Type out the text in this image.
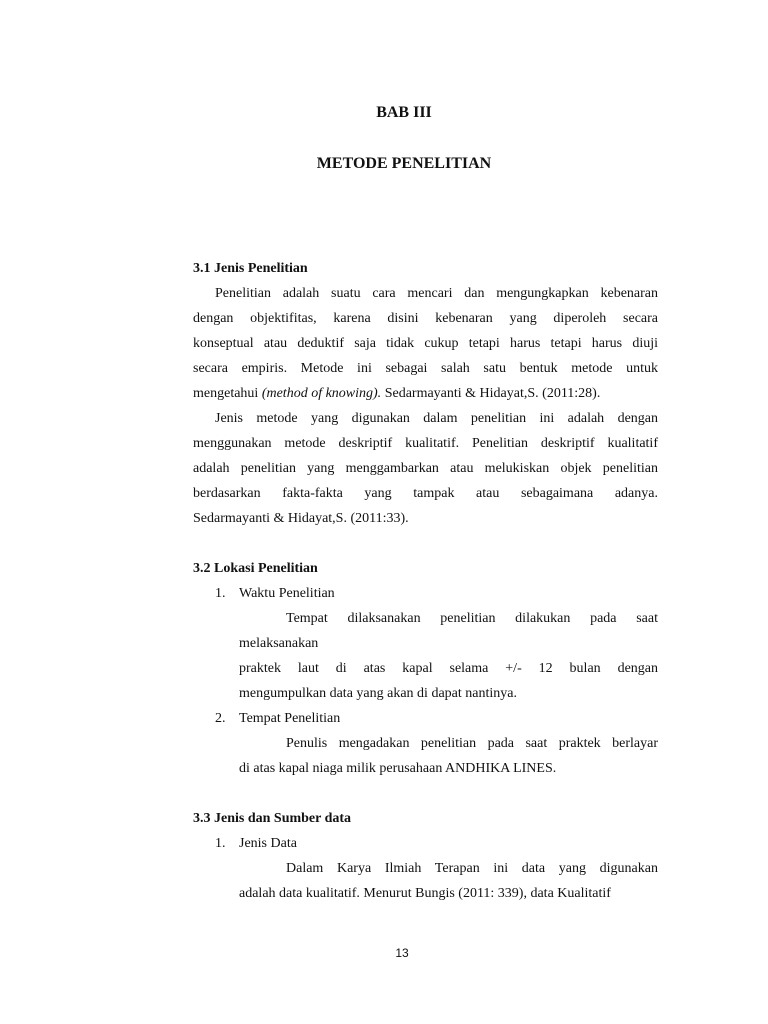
BAB III
METODE PENELITIAN

3.1 Jenis Penelitian

Penelitian adalah suatu cara mencari dan mengungkapkan kebenaran
dengan objektifitas, karena disini kebenaran yang diperoleh secara
konseptual atau deduktif saja tidak cukup tetapi harus tetapi harus diuji
secara empiris. Metode ini sebagai salah satu bentuk metode untuk
mengetahui (method of knowing). Sedarmayanti & Hidayat,S. (2011:28).
Jenis metode yang digunakan dalam penelitian ini adalah dengan
menggunakan metode deskriptif kualitatif. Penelitian deskriptif kualitatif
adalah penelitian yang menggambarkan atau melukiskan objek penelitian
berdasarkan fakta-fakta yang tampak atau sebagaimana adanya.
Sedarmayanti & Hidayat,S. (2011:33).

3.2 Lokasi Penelitian

1. Waktu Penelitian
Tempat dilaksanakan penelitian dilakukan pada saat
melaksanakan
praktek laut di atas kapal selama +/- 12 bulan dengan
mengumpulkan data yang akan di dapat nantinya.
2. Tempat Penelitian
Penulis mengadakan penelitian pada saat praktek berlayar
di atas kapal niaga milik perusahaan ANDHIKA LINES.

3.3 Jenis dan Sumber data

1. Jenis Data
Dalam Karya Ilmiah Terapan ini data yang digunakan
adalah data kualitatif. Menurut Bungis (2011: 339), data Kualitatif
13
